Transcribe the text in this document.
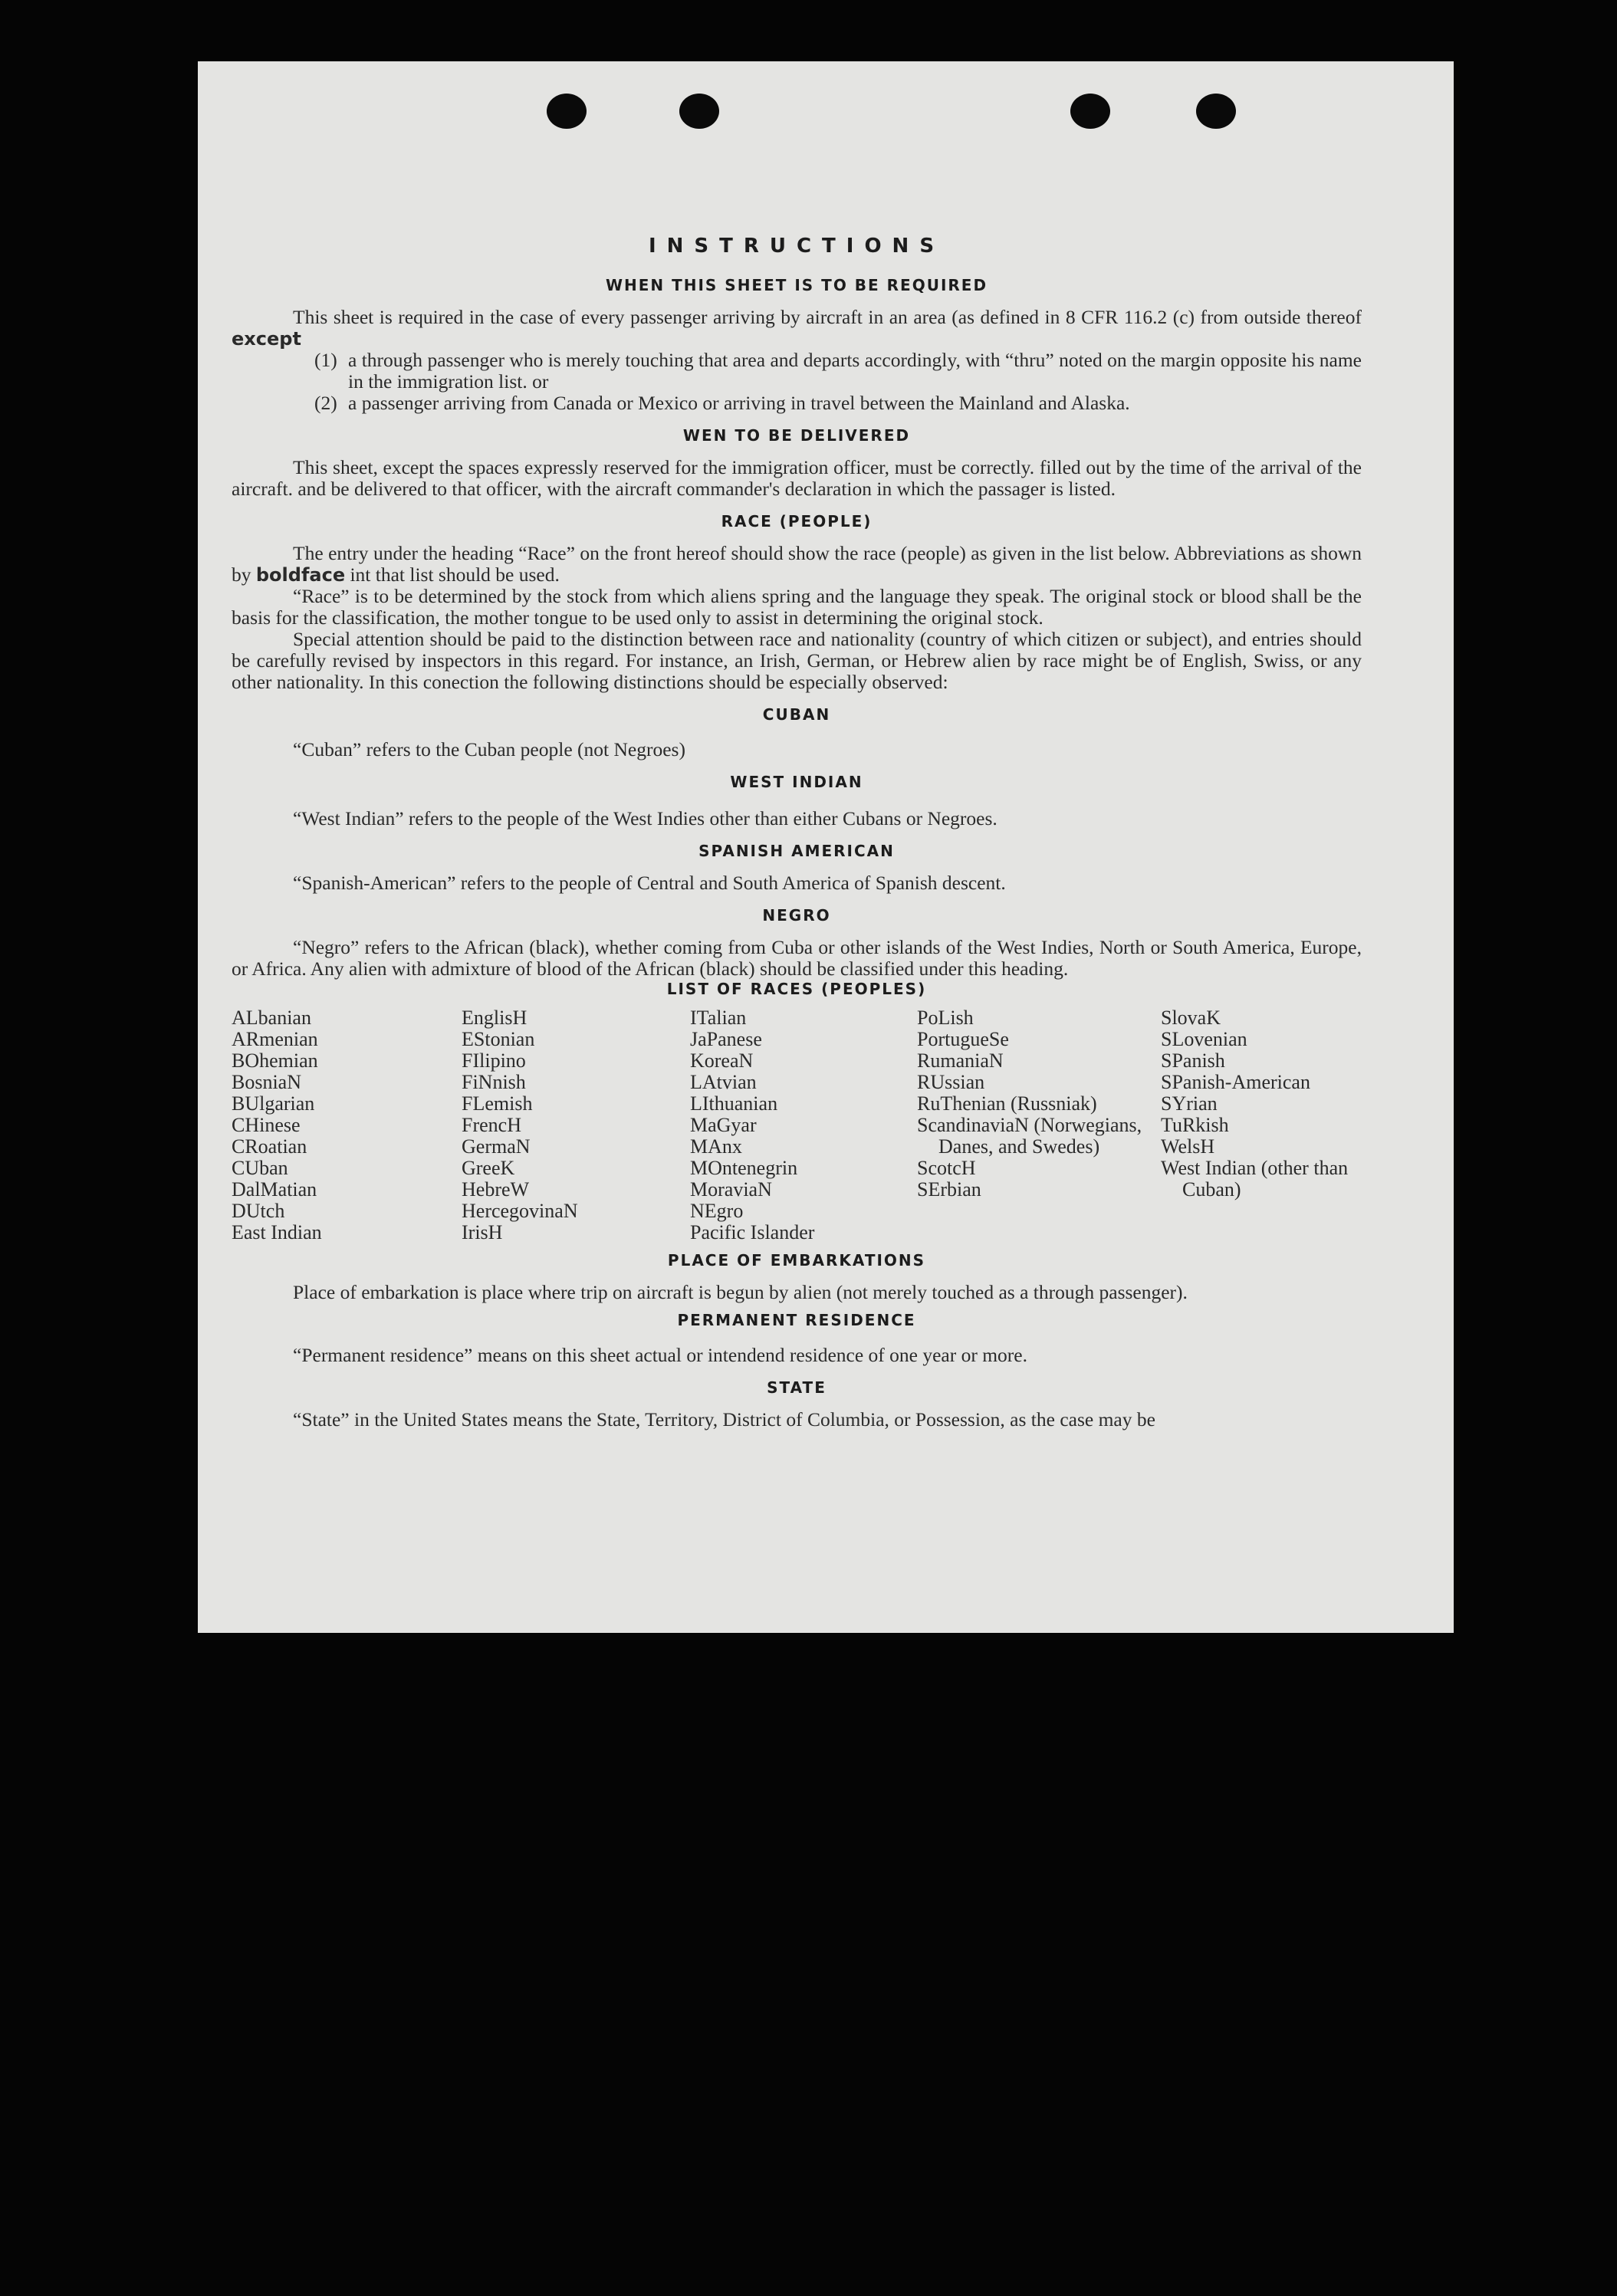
INSTRUCTIONS
WHEN THIS SHEET IS TO BE REQUIRED

This sheet is required in the case of every passenger arriving by aircraft in an area (as defined in 8 CFR 116.2 (c) from outside thereof except

(1) a through passenger who is merely touching that area and departs accordingly, with “thru” noted on the margin opposite his name in the immigration list. or
(2) a passenger arriving from Canada or Mexico or arriving in travel between the Mainland and Alaska.
WEN TO BE DELIVERED

This sheet, except the spaces expressly reserved for the immigration officer, must be correctly. filled out by the time of the arrival of the aircraft. and be delivered to that officer, with the aircraft commander's declaration in which the passager is listed.

RACE (PEOPLE)

The entry under the heading “Race” on the front hereof should show the race (people) as given in the list below. Abbreviations as shown by boldface int that list should be used.

“Race” is to be determined by the stock from which aliens spring and the language they speak. The original stock or blood shall be the basis for the classification, the mother tongue to be used only to assist in determining the original stock.

Special attention should be paid to the distinction between race and nationality (country of which citizen or subject), and entries should be carefully revised by inspectors in this regard. For instance, an Irish, German, or Hebrew alien by race might be of English, Swiss, or any other nationality. In this conection the following distinctions should be especially observed:

CUBAN

“Cuban” refers to the Cuban people (not Negroes)

WEST INDIAN

“West Indian” refers to the people of the West Indies other than either Cubans or Negroes.

SPANISH AMERICAN

“Spanish-American” refers to the people of Central and South America of Spanish descent.

NEGRO

“Negro” refers to the African (black), whether coming from Cuba or other islands of the West Indies, North or South America, Europe, or Africa. Any alien with admixture of blood of the African (black) should be classified under this heading.

LIST OF RACES (PEOPLES)
ALbanian
ARmenian
BOhemian
BosniaN
BUlgarian
CHinese
CRoatian
CUban
DalMatian
DUtch
East Indian
EnglisH
EStonian
FIlipino
FiNnish
FLemish
FrencH
GermaN
GreeK
HebreW
HercegovinaN
IrisH
ITalian
JaPanese
KoreaN
LAtvian
LIthuanian
MaGyar
MAnx
MOntenegrin
MoraviaN
NEgro
Pacific Islander
PoLish
PortugueSe
RumaniaN
RUssian
RuThenian (Russniak)
ScandinaviaN (Norwegians, Danes, and Swedes)
ScotcH
SErbian
SlovaK
SLovenian
SPanish
SPanish-American
SYrian
TuRkish
WelsH
West Indian (other than Cuban)
PLACE OF EMBARKATIONS

Place of embarkation is place where trip on aircraft is begun by alien (not merely touched as a through passenger).

PERMANENT RESIDENCE

“Permanent residence” means on this sheet actual or intendend residence of one year or more.

STATE

“State” in the United States means the State, Territory, District of Columbia, or Possession, as the case may be
